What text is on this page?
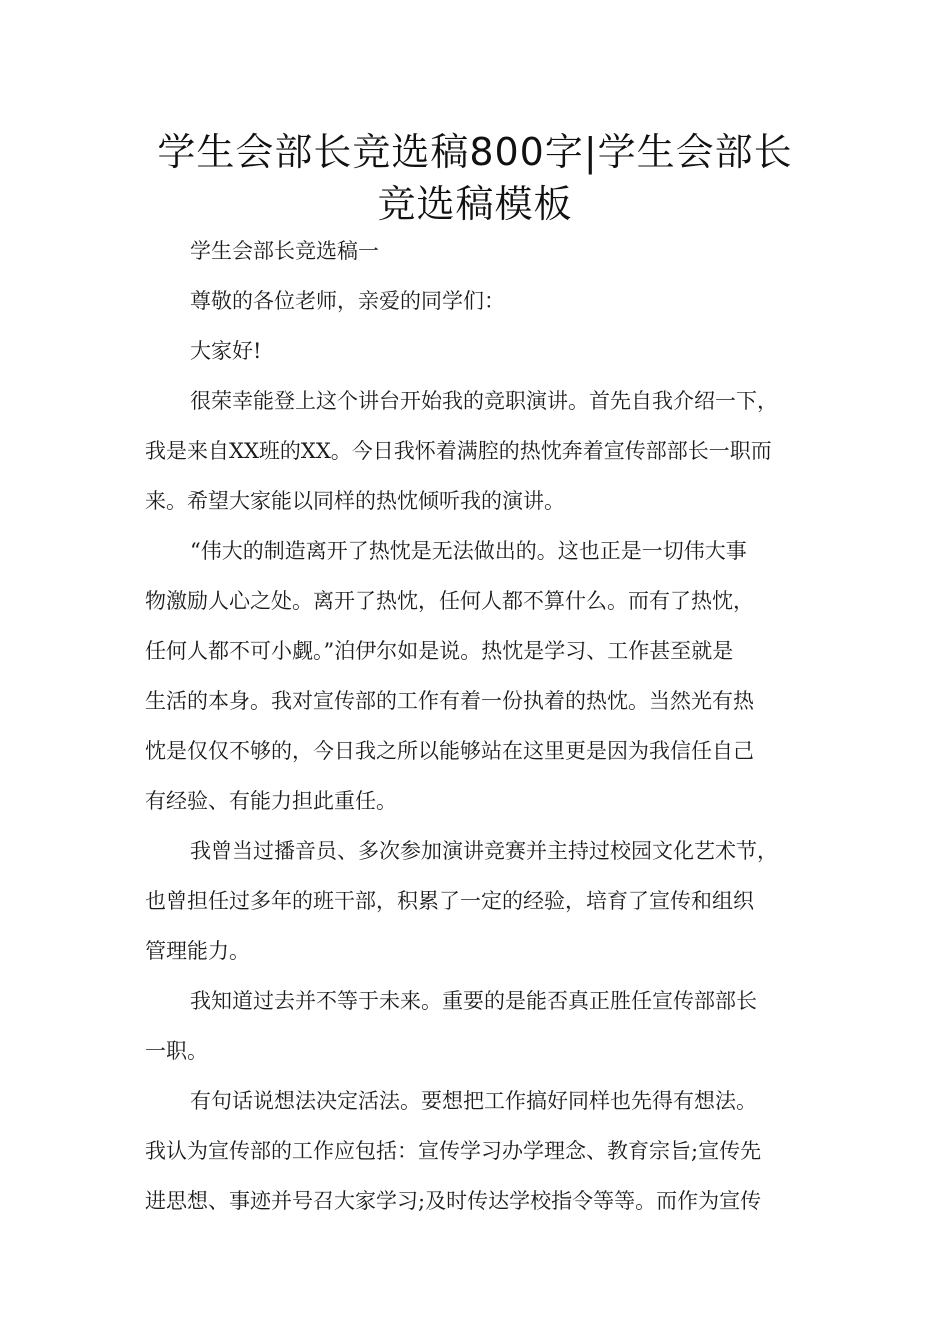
学生会部长竞选稿800字|学生会部长
竞选稿模板

学生会部长竞选稿一

尊敬的各位老师，亲爱的同学们：

大家好!

很荣幸能登上这个讲台开始我的竞职演讲。首先自我介绍一下，

我是来自XX班的XX。今日我怀着满腔的热忱奔着宣传部部长一职而

来。希望大家能以同样的热忱倾听我的演讲。

“伟大的制造离开了热忱是无法做出的。这也正是一切伟大事

物激励人心之处。离开了热忱，任何人都不算什么。而有了热忱，

任何人都不可小觑。”泊伊尔如是说。热忱是学习、工作甚至就是

生活的本身。我对宣传部的工作有着一份执着的热忱。当然光有热

忱是仅仅不够的，今日我之所以能够站在这里更是因为我信任自己

有经验、有能力担此重任。

我曾当过播音员、多次参加演讲竞赛并主持过校园文化艺术节，

也曾担任过多年的班干部，积累了一定的经验，培育了宣传和组织

管理能力。

我知道过去并不等于未来。重要的是能否真正胜任宣传部部长

一职。

有句话说想法决定活法。要想把工作搞好同样也先得有想法。

我认为宣传部的工作应包括：宣传学习办学理念、教育宗旨;宣传先

进思想、事迹并号召大家学习;及时传达学校指令等等。而作为宣传
